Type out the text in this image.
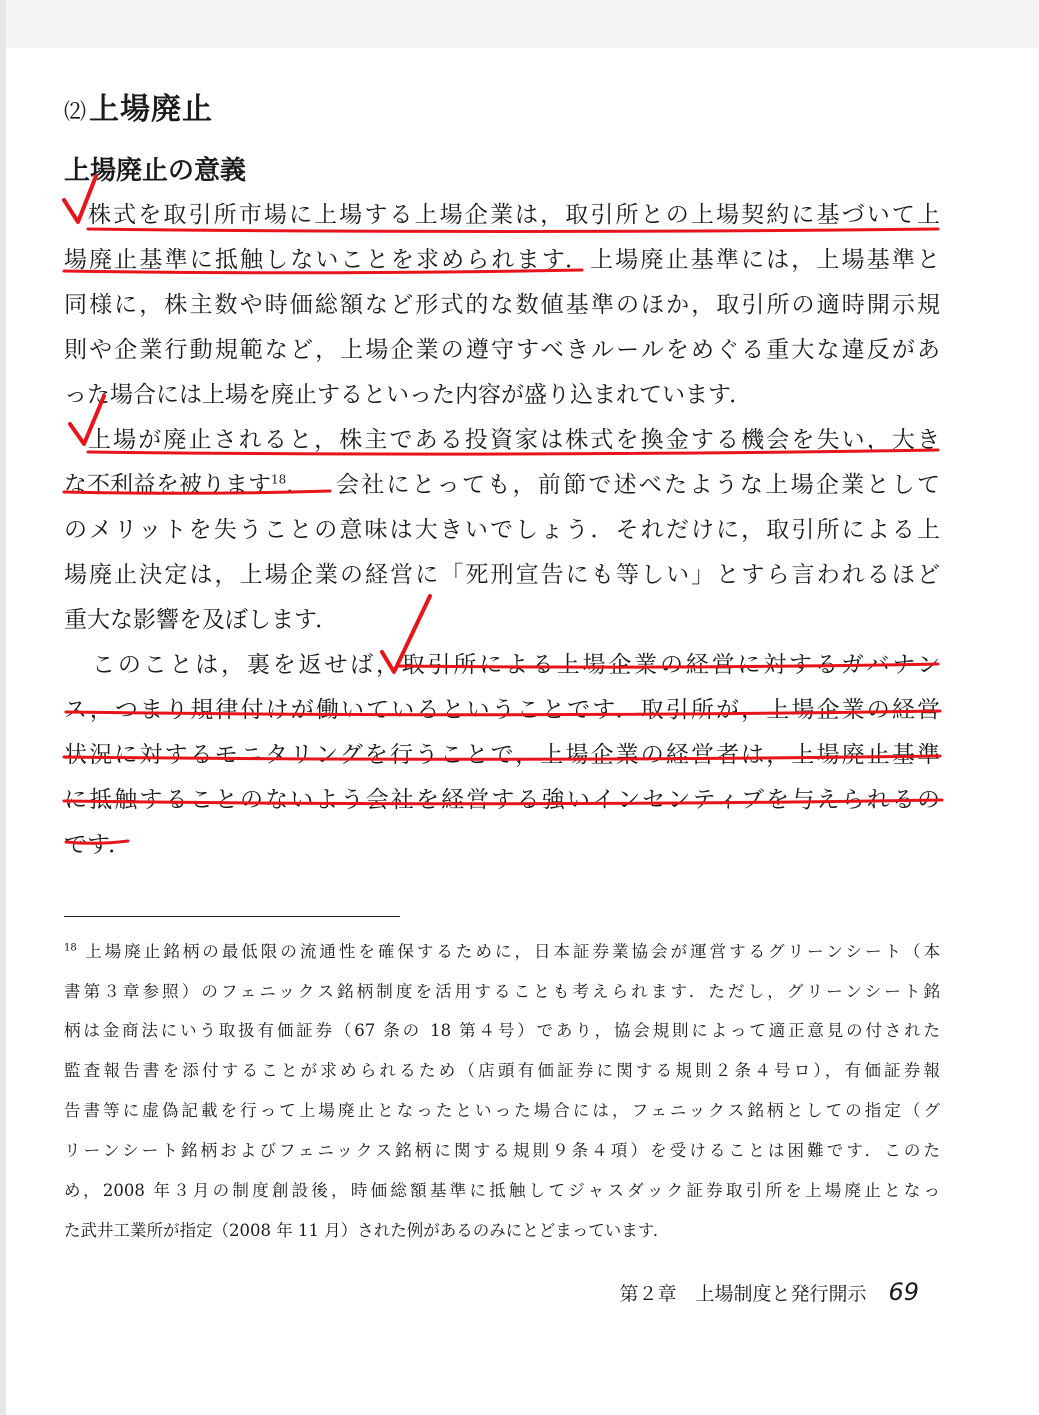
⑵上場廃止
上場廃止の意義
株式を取引所市場に上場する上場企業は，取引所との上場契約に基づいて上
場廃止基準に抵触しないことを求められます．上場廃止基準には，上場基準と
同様に，株主数や時価総額など形式的な数値基準のほか，取引所の適時開示規
則や企業行動規範など，上場企業の遵守すべきルールをめぐる重大な違反があ
った場合には上場を廃止するといった内容が盛り込まれています．
上場が廃止されると，株主である投資家は株式を換金する機会を失い，大き
な不利益を被ります$^{18}$．	会社にとっても，前節で述べたような上場企業として
のメリットを失うことの意味は大きいでしょう．それだけに，取引所による上
場廃止決定は，上場企業の経営に「死刑宣告にも等しい」とすら言われるほど
重大な影響を及ぼします．
このことは，裏を返せば，取引所による上場企業の経営に対するガバナン
ス，つまり規律付けが働いているということです．取引所が，上場企業の経営
状況に対するモニタリングを行うことで，上場企業の経営者は，上場廃止基準
に抵触することのないよう会社を経営する強いインセンティブを与えられるの
です．
$^{18}$  上場廃止銘柄の最低限の流通性を確保するために，日本証券業協会が運営するグリーンシート（本
書第３章参照）のフェニックス銘柄制度を活用することも考えられます．ただし，グリーンシート銘
柄は金商法にいう取扱有価証券（67 条の 18 第４号）であり，協会規則によって適正意見の付された
監査報告書を添付することが求められるため（店頭有価証券に関する規則２条４号ロ），有価証券報
告書等に虚偽記載を行って上場廃止となったといった場合には，フェニックス銘柄としての指定（グ
リーンシート銘柄およびフェニックス銘柄に関する規則９条４項）を受けることは困難です．このた
め，2008 年３月の制度創設後，時価総額基準に抵触してジャスダック証券取引所を上場廃止となっ
た武井工業所が指定（2008 年 11 月）された例があるのみにとどまっています．
第２章　上場制度と発行開示 69
